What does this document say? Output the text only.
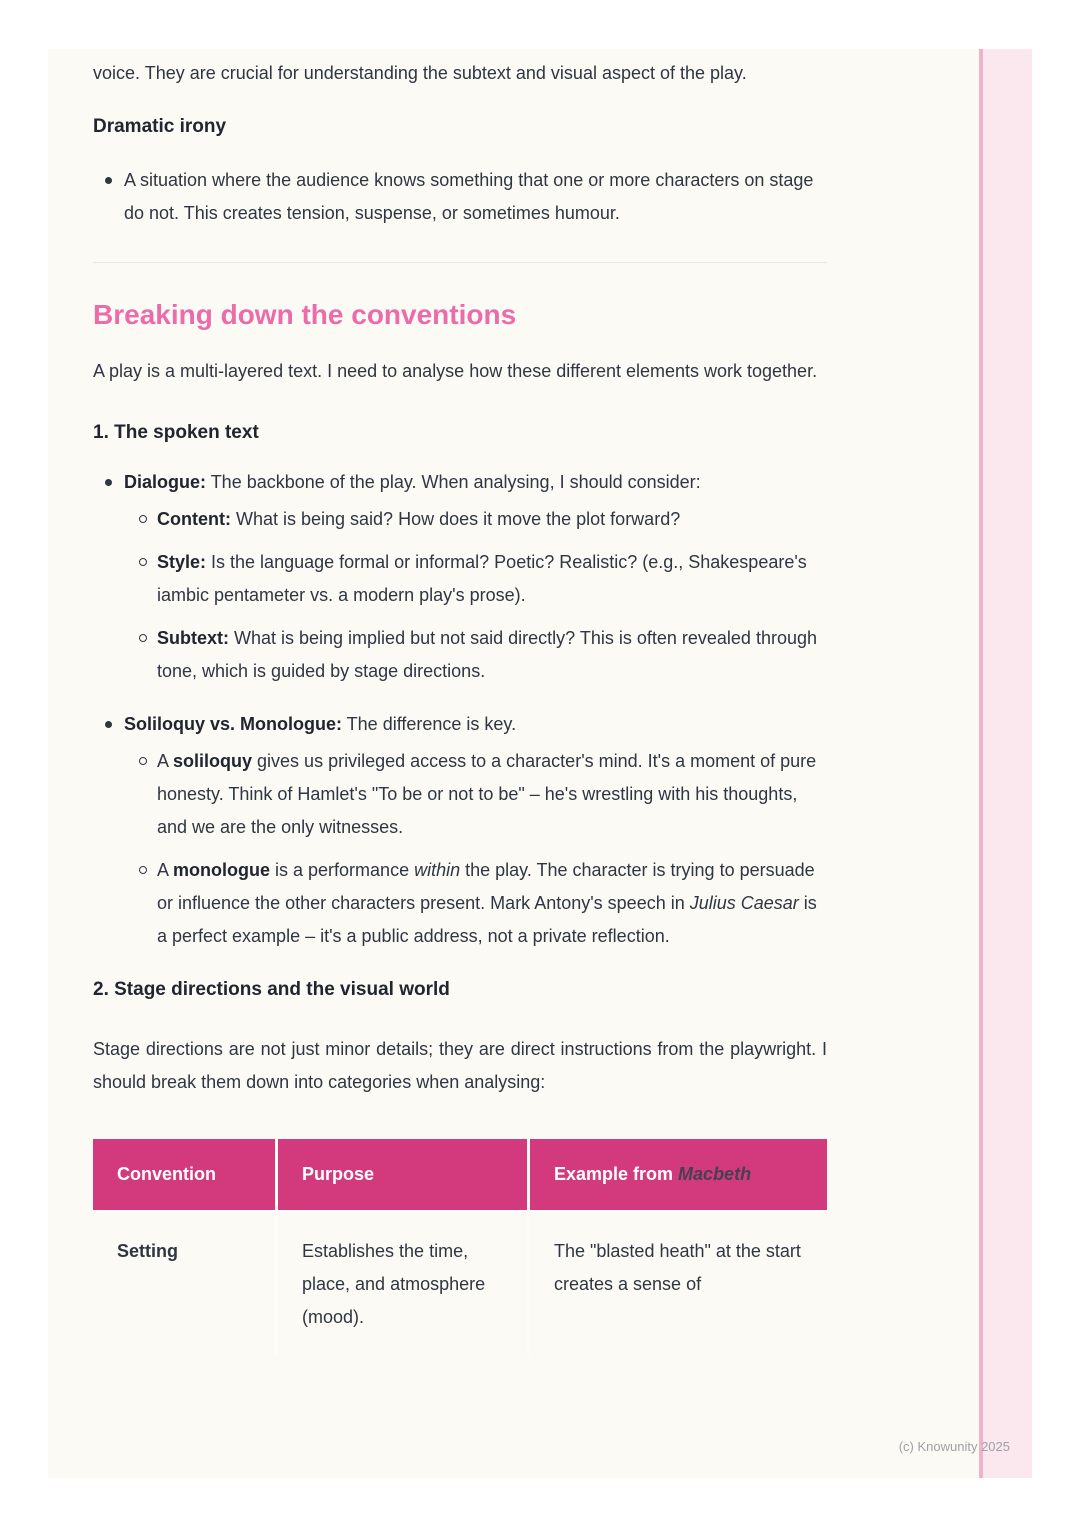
voice. They are crucial for understanding the subtext and visual aspect of the play.

Dramatic irony
A situation where the audience knows something that one or more characters on stage do not. This creates tension, suspense, or sometimes humour.
Breaking down the conventions

A play is a multi-layered text. I need to analyse how these different elements work together.

1. The spoken text
Dialogue: The backbone of the play. When analysing, I should consider:
Content: What is being said? How does it move the plot forward?
Style: Is the language formal or informal? Poetic? Realistic? (e.g., Shakespeare's iambic pentameter vs. a modern play's prose).
Subtext: What is being implied but not said directly? This is often revealed through tone, which is guided by stage directions.
Soliloquy vs. Monologue: The difference is key.
A soliloquy gives us privileged access to a character's mind. It's a moment of pure honesty. Think of Hamlet's "To be or not to be" – he's wrestling with his thoughts, and we are the only witnesses.
A monologue is a performance within the play. The character is trying to persuade or influence the other characters present. Mark Antony's speech in Julius Caesar is a perfect example – it's a public address, not a private reflection.
2. Stage directions and the visual world

Stage directions are not just minor details; they are direct instructions from the playwright. I should break them down into categories when analysing:

Convention	Purpose	Example from Macbeth
Setting	Establishes the time, place, and atmosphere (mood).	The "blasted heath" at the start creates a sense of
(c) Knowunity 2025
